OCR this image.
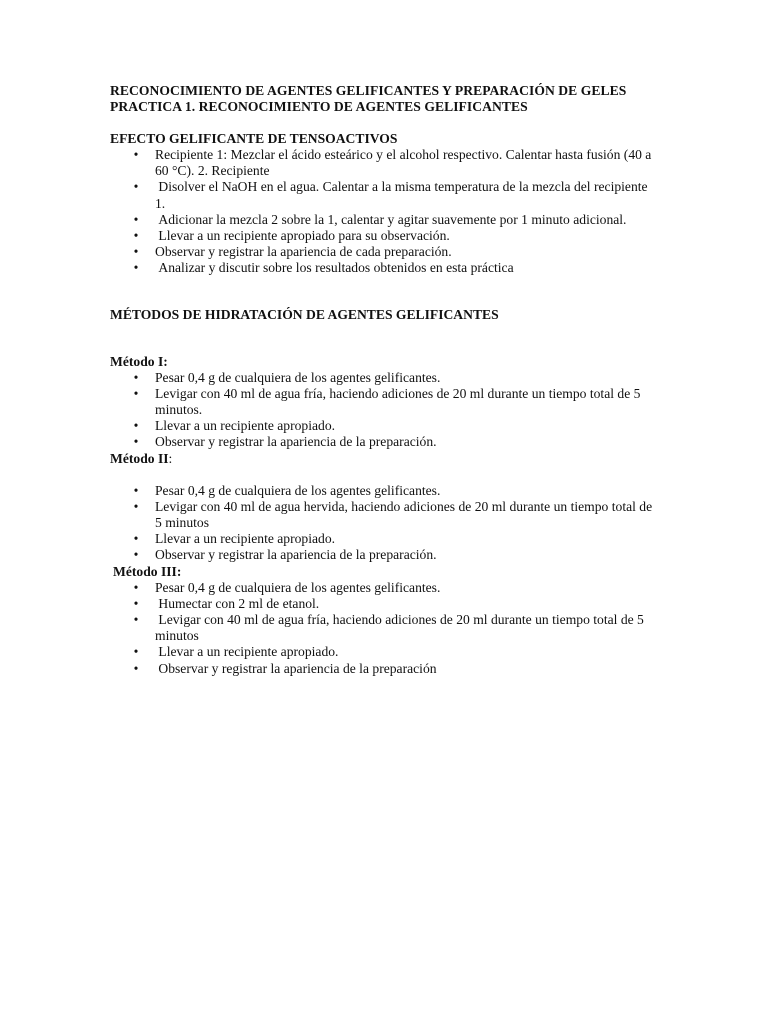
RECONOCIMIENTO DE AGENTES GELIFICANTES Y PREPARACIÓN DE GELES

PRACTICA 1. RECONOCIMIENTO DE AGENTES GELIFICANTES

EFECTO GELIFICANTE DE TENSOACTIVOS

• Recipiente 1: Mezclar el ácido esteárico y el alcohol respectivo. Calentar hasta fusión (40 a 60 °C). 2. Recipiente
• Disolver el NaOH en el agua. Calentar a la misma temperatura de la mezcla del recipiente 1.
• Adicionar la mezcla 2 sobre la 1, calentar y agitar suavemente por 1 minuto adicional.
• Llevar a un recipiente apropiado para su observación.
• Observar y registrar la apariencia de cada preparación.
• Analizar y discutir sobre los resultados obtenidos en esta práctica

MÉTODOS DE HIDRATACIÓN DE AGENTES GELIFICANTES

Método I:

• Pesar 0,4 g de cualquiera de los agentes gelificantes.
• Levigar con 40 ml de agua fría, haciendo adiciones de 20 ml durante un tiempo total de 5 minutos.
• Llevar a un recipiente apropiado.
• Observar y registrar la apariencia de la preparación.

Método II:

• Pesar 0,4 g de cualquiera de los agentes gelificantes.
• Levigar con 40 ml de agua hervida, haciendo adiciones de 20 ml durante un tiempo total de 5 minutos
• Llevar a un recipiente apropiado.
• Observar y registrar la apariencia de la preparación.

Método III:

• Pesar 0,4 g de cualquiera de los agentes gelificantes.
• Humectar con 2 ml de etanol.
• Levigar con 40 ml de agua fría, haciendo adiciones de 20 ml durante un tiempo total de 5 minutos
• Llevar a un recipiente apropiado.
• Observar y registrar la apariencia de la preparación
